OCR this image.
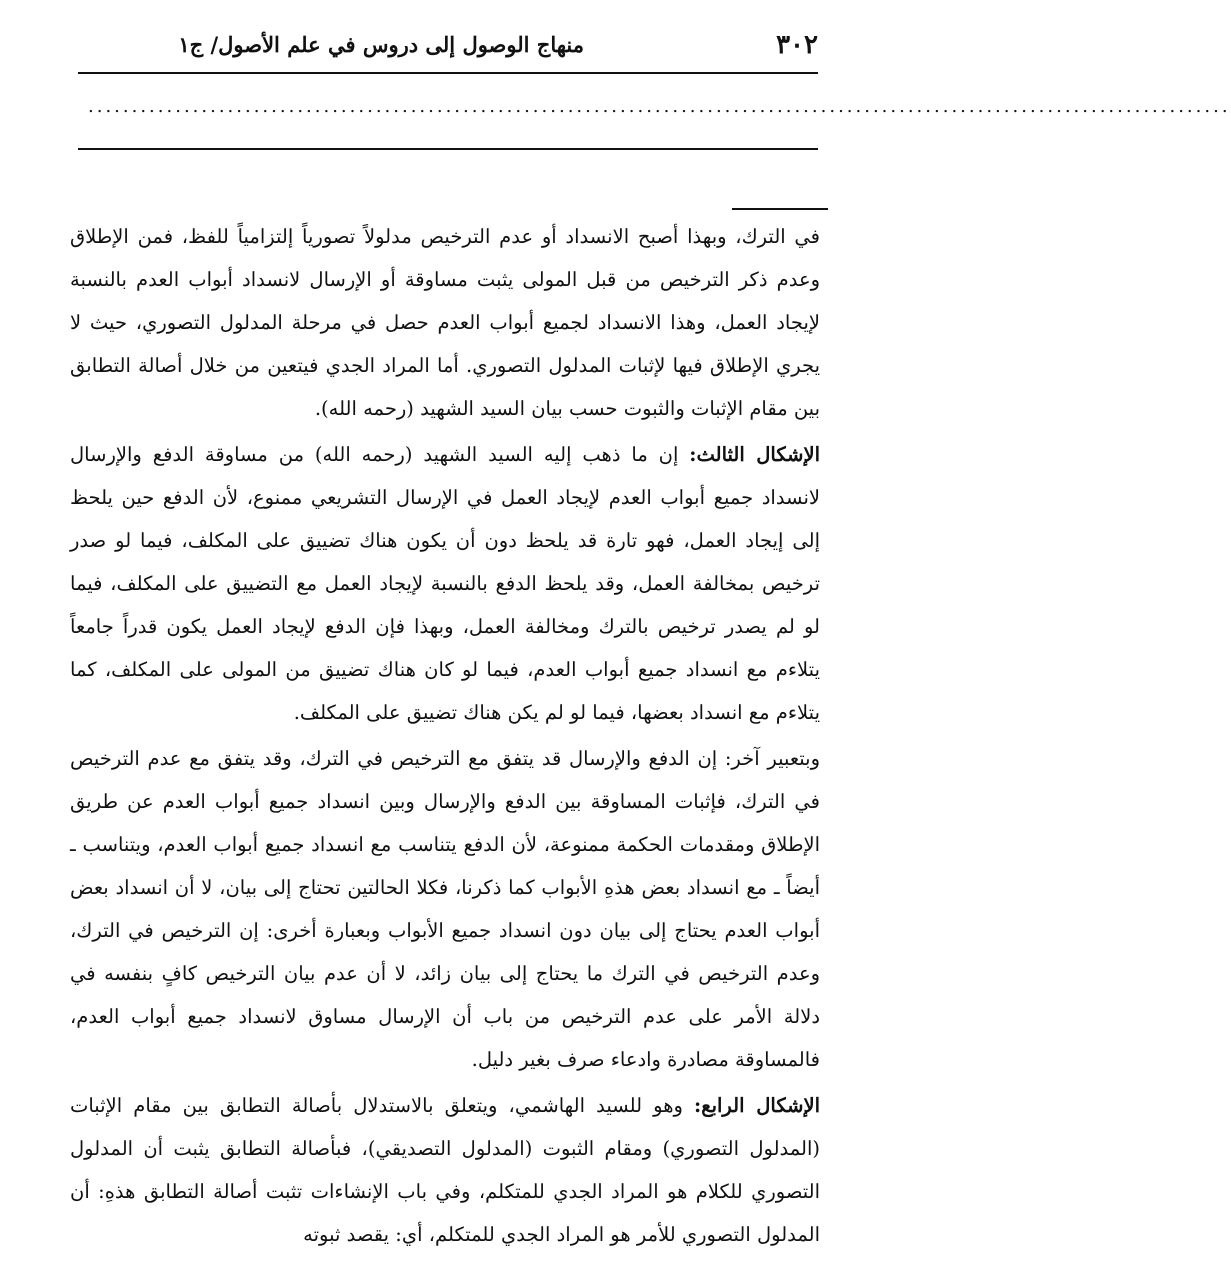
٣٠٢
منهاج الوصول إلى دروس في علم الأصول/ ج١
...................................................................................................................................

في الترك، وبهذا أصبح الانسداد أو عدم الترخيص مدلولاً تصورياً إلتزامياً للفظ، فمن الإطلاق وعدم ذكر الترخيص من قبل المولى يثبت مساوقة أو الإرسال لانسداد أبواب العدم بالنسبة لإيجاد العمل، وهذا الانسداد لجميع أبواب العدم حصل في مرحلة المدلول التصوري، حيث لا يجري الإطلاق فيها لإثبات المدلول التصوري. أما المراد الجدي فيتعين من خلال أصالة التطابق بين مقام الإثبات والثبوت حسب بيان السيد الشهيد (رحمه الله).

الإشكال الثالث: إن ما ذهب إليه السيد الشهيد (رحمه الله) من مساوقة الدفع والإرسال لانسداد جميع أبواب العدم لإيجاد العمل في الإرسال التشريعي ممنوع، لأن الدفع حين يلحظ إلى إيجاد العمل، فهو تارة قد يلحظ دون أن يكون هناك تضييق على المكلف، فيما لو صدر ترخيص بمخالفة العمل، وقد يلحظ الدفع بالنسبة لإيجاد العمل مع التضييق على المكلف، فيما لو لم يصدر ترخيص بالترك ومخالفة العمل، وبهذا فإن الدفع لإيجاد العمل يكون قدراً جامعاً يتلاءم مع انسداد جميع أبواب العدم، فيما لو كان هناك تضييق من المولى على المكلف، كما يتلاءم مع انسداد بعضها، فيما لو لم يكن هناك تضييق على المكلف.

وبتعبير آخر: إن الدفع والإرسال قد يتفق مع الترخيص في الترك، وقد يتفق مع عدم الترخيص في الترك، فإثبات المساوقة بين الدفع والإرسال وبين انسداد جميع أبواب العدم عن طريق الإطلاق ومقدمات الحكمة ممنوعة، لأن الدفع يتناسب مع انسداد جميع أبواب العدم، ويتناسب ـ أيضاً ـ مع انسداد بعض هذهِ الأبواب كما ذكرنا، فكلا الحالتين تحتاج إلى بيان، لا أن انسداد بعض أبواب العدم يحتاج إلى بيان دون انسداد جميع الأبواب وبعبارة أخرى: إن الترخيص في الترك، وعدم الترخيص في الترك ما يحتاج إلى بيان زائد، لا أن عدم بيان الترخيص كافٍ بنفسه في دلالة الأمر على عدم الترخيص من باب أن الإرسال مساوق لانسداد جميع أبواب العدم، فالمساوقة مصادرة وادعاء صرف بغير دليل.

الإشكال الرابع: وهو للسيد الهاشمي، ويتعلق بالاستدلال بأصالة التطابق بين مقام الإثبات (المدلول التصوري) ومقام الثبوت (المدلول التصديقي)، فبأصالة التطابق يثبت أن المدلول التصوري للكلام هو المراد الجدي للمتكلم، وفي باب الإنشاءات تثبت أصالة التطابق هذهِ: أن المدلول التصوري للأمر هو المراد الجدي للمتكلم، أي: يقصد ثبوته
